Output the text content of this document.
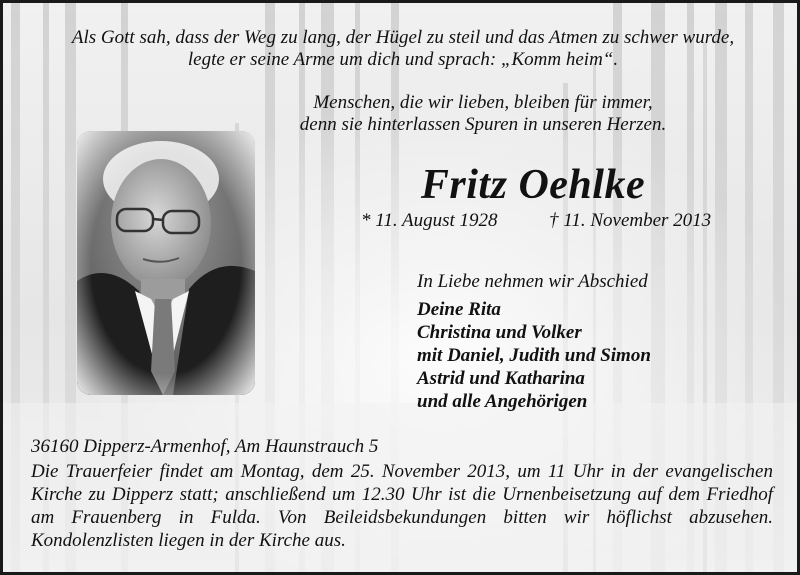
Als Gott sah, dass der Weg zu lang, der Hügel zu steil und das Atmen zu schwer wurde,
legte er seine Arme um dich und sprach: „Komm heim“.
Menschen, die wir lieben, bleiben für immer,
denn sie hinterlassen Spuren in unseren Herzen.
Fritz Oehlke
* 11. August 1928	† 11. November 2013
In Liebe nehmen wir Abschied
Deine Rita
Christina und Volker
mit Daniel, Judith und Simon
Astrid und Katharina
und alle Angehörigen
36160 Dipperz-Armenhof, Am Haunstrauch 5
Die Trauerfeier findet am Montag, dem 25. November 2013, um 11 Uhr in der evangelischen Kirche zu Dipperz statt; anschließend um 12.30 Uhr ist die Urnenbeisetzung auf dem Friedhof am Frauenberg in Fulda. Von Beileidsbekundungen bitten wir höflichst abzusehen. Kondolenzlisten liegen in der Kirche aus.
